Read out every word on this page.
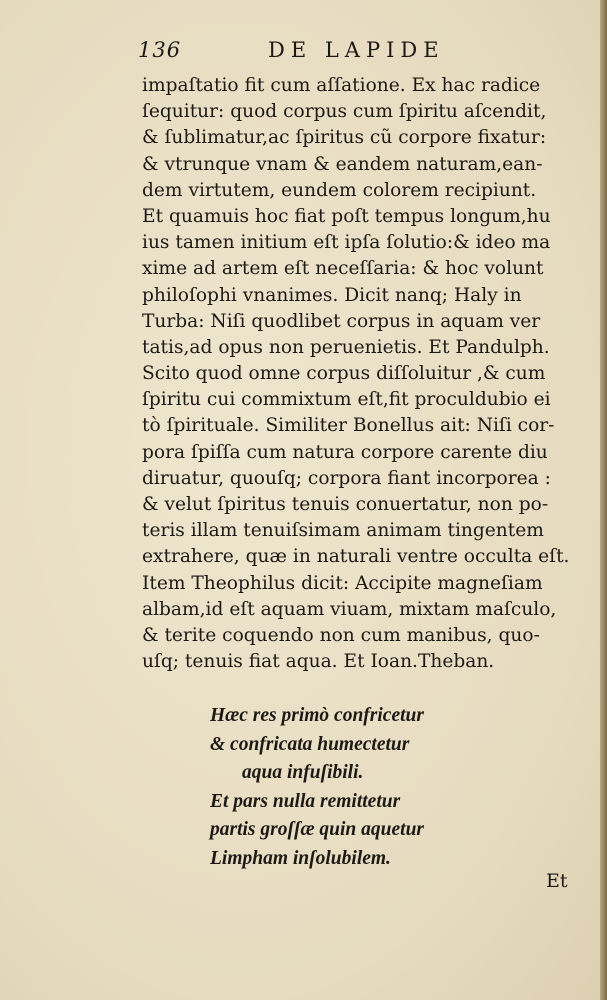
136	DE LAPIDE
impaſtatio fit cum aſſatione. Ex hac radice
ſequitur: quod corpus cum ſpiritu aſcendit,
& ſublimatur,ac ſpiritus cũ corpore fixatur:
& vtrunque vnam & eandem naturam,ean-
dem virtutem, eundem colorem recipiunt.
Et quamuis hoc fiat poſt tempus longum,hu
ius tamen initium eſt ipſa ſolutio:& ideo ma
xime ad artem eſt neceſſaria: & hoc volunt
philoſophi vnanimes. Dicit nanq; Haly in
Turba: Niſi quodlibet corpus in aquam ver
tatis,ad opus non peruenietis. Et Pandulph.
Scito quod omne corpus diſſoluitur ,& cum
ſpiritu cui commixtum eſt,fit proculdubio ei
tò ſpirituale. Similiter Bonellus ait: Niſi cor-
pora ſpiſſa cum natura corpore carente diu
diruatur, quouſq; corpora fiant incorporea :
& velut ſpiritus tenuis conuertatur, non po-
teris illam tenuiſsimam animam tingentem
extrahere, quæ in naturali ventre occulta eſt.
Item Theophilus dicit: Accipite magneſiam
albam,id eſt aquam viuam, mixtam maſculo,
& terite coquendo non cum manibus, quo-
uſq; tenuis fiat aqua. Et Ioan.Theban.
Hæc res primò confricetur
& confricata humectetur
aqua infuſibili.
Et pars nulla remittetur
partis groſſæ quin aquetur
Limpham inſolubilem.
Et
